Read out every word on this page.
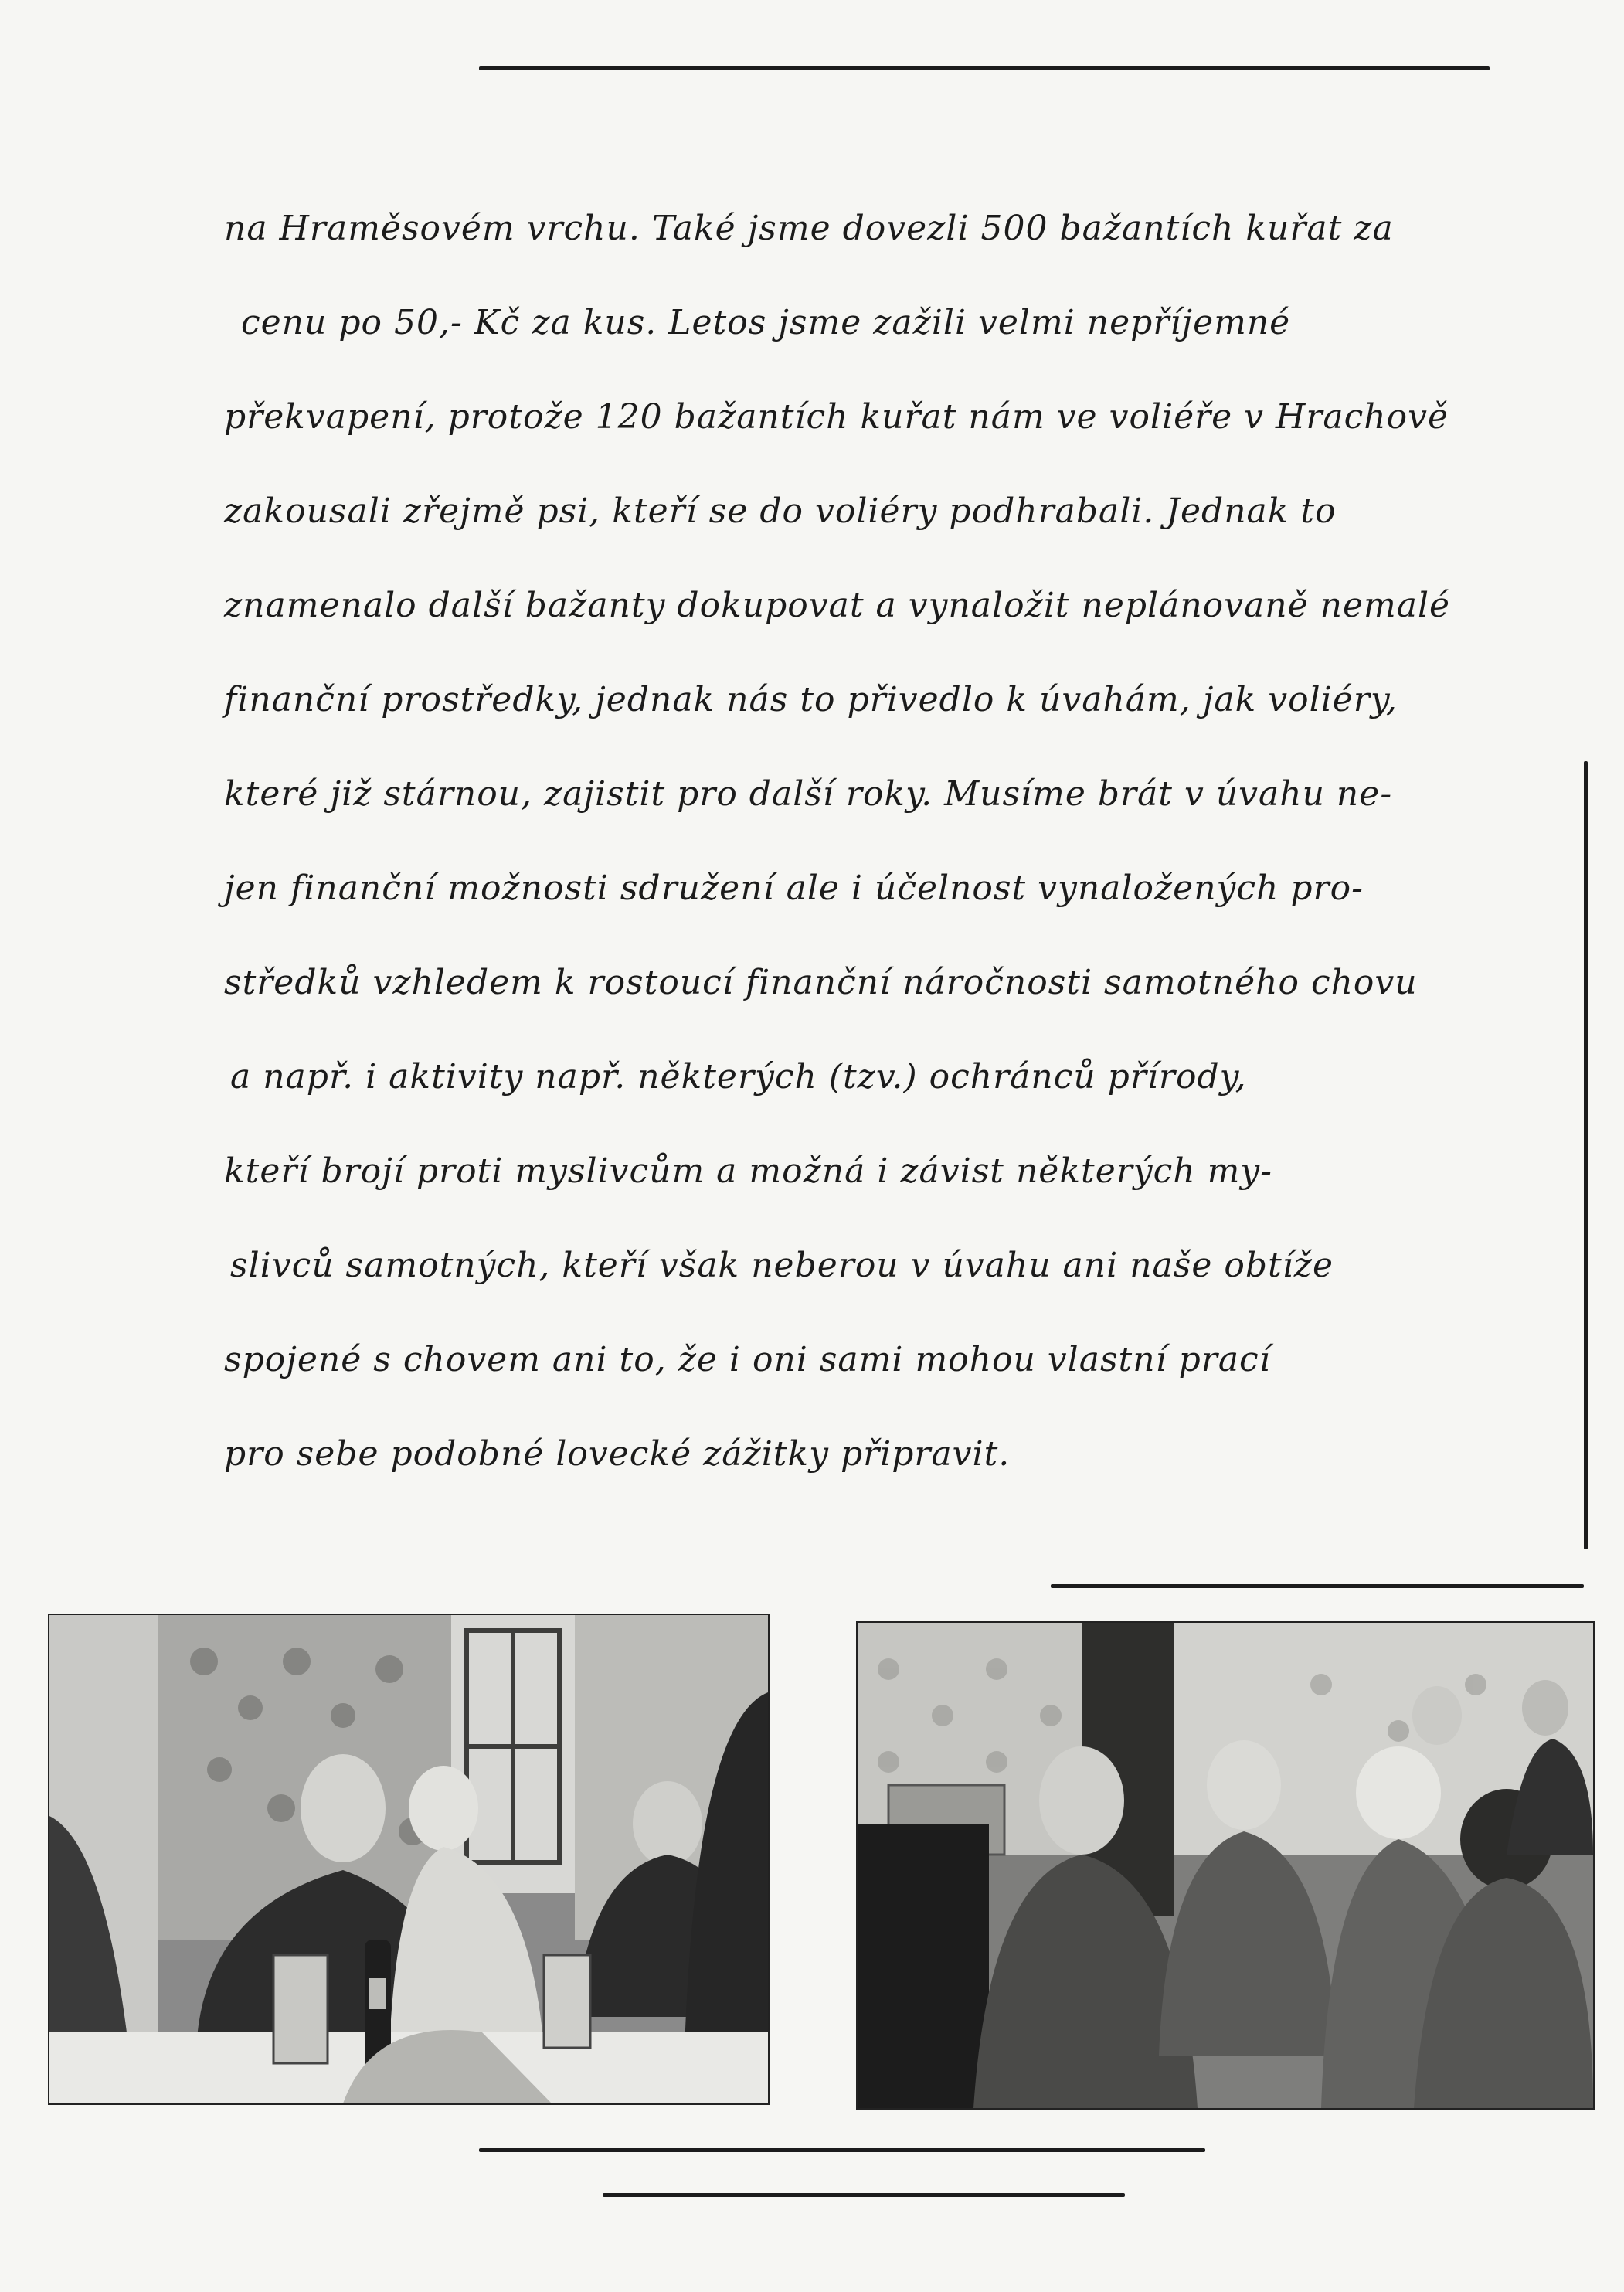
na Hraměsovém vrchu. Také jsme dovezli 500 bažantích kuřat za
cenu po 50,- Kč za kus. Letos jsme zažili velmi nepříjemné
překvapení, protože 120 bažantích kuřat nám ve voliéře v Hrachově
zakousali zřejmě psi, kteří se do voliéry podhrabali. Jednak to
znamenalo další bažanty dokupovat a vynaložit neplánovaně nemalé
finanční prostředky, jednak nás to přivedlo k úvahám, jak voliéry,
které již stárnou, zajistit pro další roky. Musíme brát v úvahu ne-
jen finanční možnosti sdružení ale i účelnost vynaložených pro-
středků vzhledem k rostoucí finanční náročnosti samotného chovu
a např. i aktivity např. některých (tzv.) ochránců přírody,
kteří brojí proti myslivcům a možná i závist některých my-
slivců samotných, kteří však neberou v úvahu ani naše obtíže
spojené s chovem ani to, že i oni sami mohou vlastní prací
pro sebe podobné lovecké zážitky připravit.
